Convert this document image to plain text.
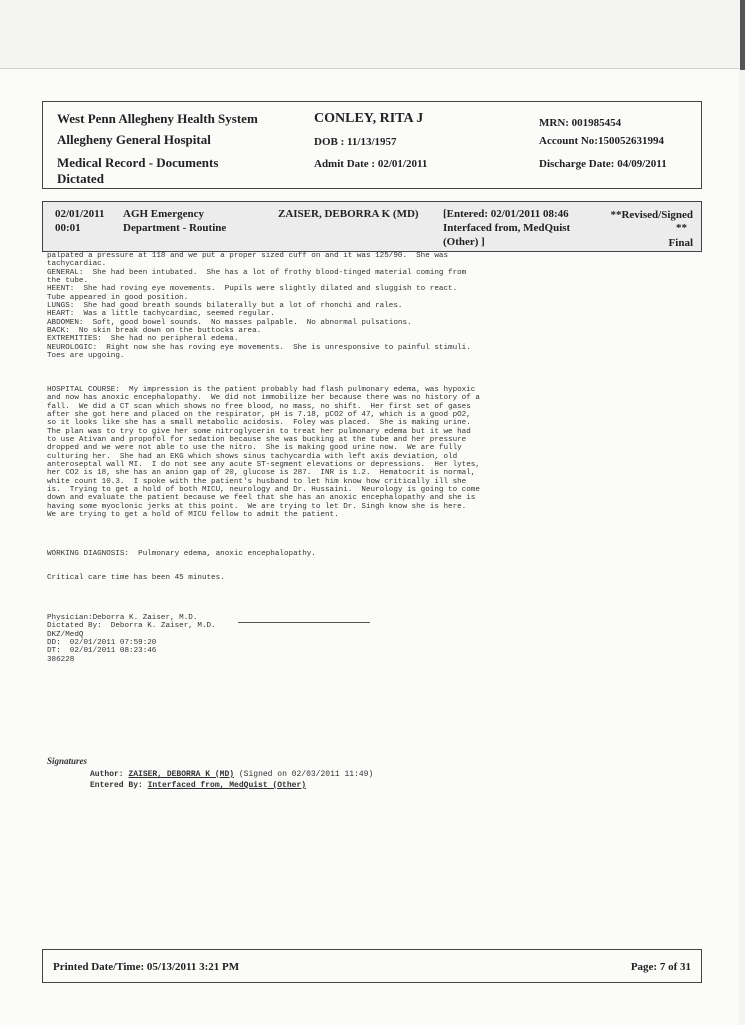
West Penn Allegheny Health System
Allegheny General Hospital
Medical Record - Documents
Dictated
CONLEY, RITA J
DOB : 11/13/1957
Admit Date : 02/01/2011
MRN: 001985454
Account No:150052631994
Discharge Date: 04/09/2011
02/01/2011
00:01
AGH Emergency
Department - Routine
ZAISER, DEBORRA K (MD) [Entered: 02/01/2011 08:46
Interfaced from, MedQuist
(Other) ]
**Revised/Signed
**
Final
palpated a pressure at 118 and we put a proper sized cuff on and it was 125/90.  She was
tachycardiac.
GENERAL:  She had been intubated.  She has a lot of frothy blood-tinged material coming from
the tube.
HEENT:  She had roving eye movements.  Pupils were slightly dilated and sluggish to react.
Tube appeared in good position.
LUNGS:  She had good breath sounds bilaterally but a lot of rhonchi and rales.
HEART:  Was a little tachycardiac, seemed regular.
ABDOMEN:  Soft, good bowel sounds.  No masses palpable.  No abnormal pulsations.
BACK:  No skin break down on the buttocks area.
EXTREMITIES:  She had no peripheral edema.
NEUROLOGIC:  Right now she has roving eye movements.  She is unresponsive to painful stimuli.
Toes are upgoing.
HOSPITAL COURSE:  My impression is the patient probably had flash pulmonary edema, was hypoxic
and now has anoxic encephalopathy.  We did not immobilize her because there was no history of a
fall.  We did a CT scan which shows no free blood, no mass, no shift.  Her first set of gases
after she got here and placed on the respirator, pH is 7.18, pCO2 of 47, which is a good pO2,
so it looks like she has a small metabolic acidosis.  Foley was placed.  She is making urine.
The plan was to try to give her some nitroglycerin to treat her pulmonary edema but it we had
to use Ativan and propofol for sedation because she was bucking at the tube and her pressure
dropped and we were not able to use the nitro.  She is making good urine now.  We are fully
culturing her.  She had an EKG which shows sinus tachycardia with left axis deviation, old
anteroseptal wall MI.  I do not see any acute ST-segment elevations or depressions.  Her lytes,
her CO2 is 18, she has an anion gap of 20, glucose is 287.  INR is 1.2.  Hematocrit is normal,
white count 10.3.  I spoke with the patient's husband to let him know how critically ill she
is.  Trying to get a hold of both MICU, neurology and Dr. Hussaini.  Neurology is going to come
down and evaluate the patient because we feel that she has an anoxic encephalopathy and she is
having some myoclonic jerks at this point.  We are trying to let Dr. Singh know she is here.
We are trying to get a hold of MICU fellow to admit the patient.
WORKING DIAGNOSIS:  Pulmonary edema, anoxic encephalopathy.
Critical care time has been 45 minutes.
Physician:Deborra K. Zaiser, M.D.
Dictated By:  Deborra K. Zaiser, M.D.
DKZ/MedQ
DD:  02/01/2011 07:59:20
DT:  02/01/2011 08:23:46
386228
Signatures
Author: ZAISER, DEBORRA K (MD) (Signed on 02/03/2011 11:49)
Entered By: Interfaced from, MedQuist (Other)
Printed Date/Time: 05/13/2011 3:21 PM	Page: 7 of 31
